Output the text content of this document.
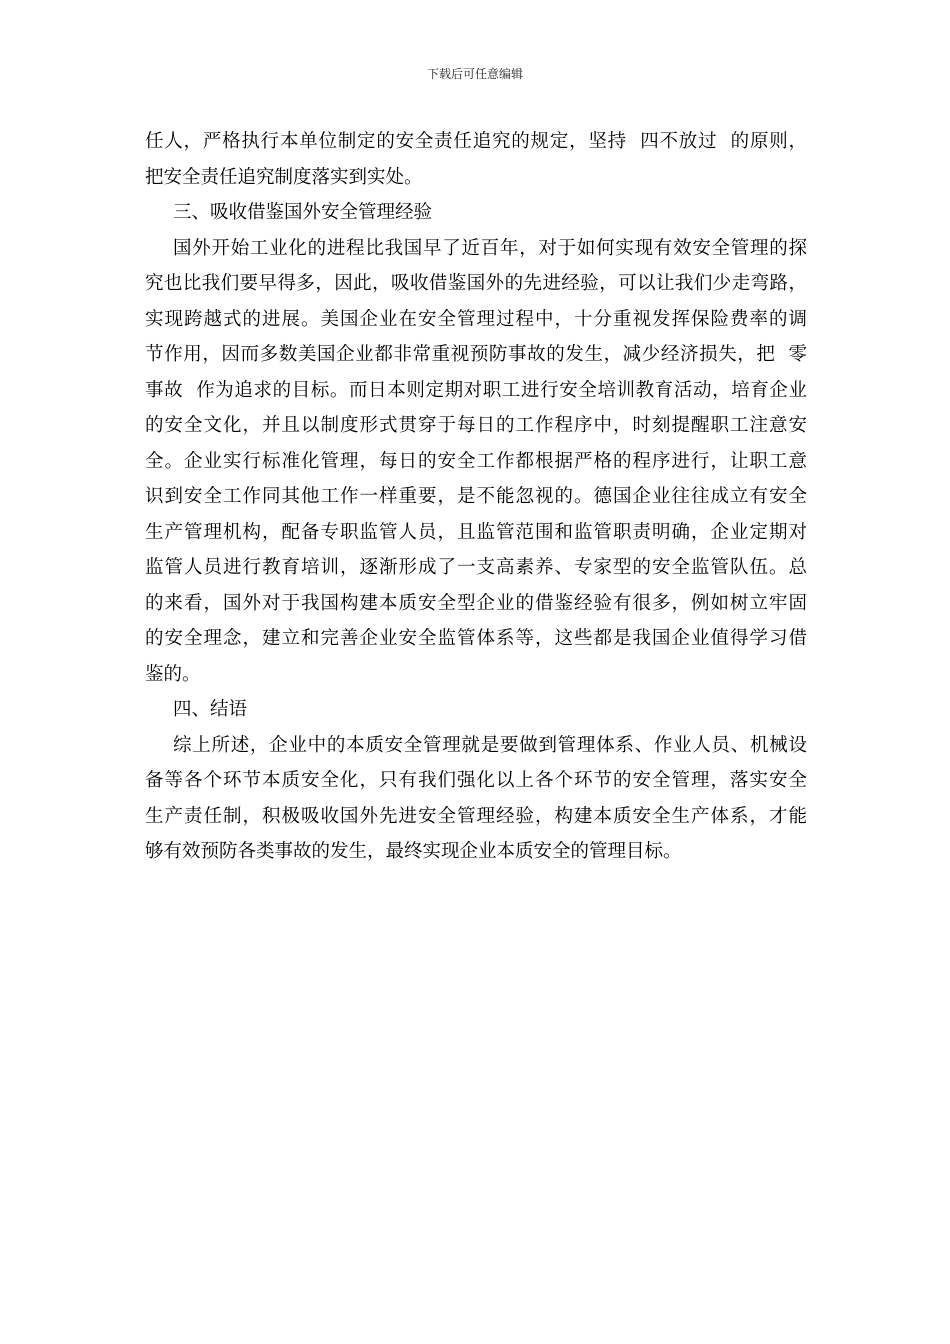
下载后可任意编辑
任人，严格执行本单位制定的安全责任追究的规定，坚持  四不放过  的原则，
把安全责任追究制度落实到实处。
三、吸收借鉴国外安全管理经验
国外开始工业化的进程比我国早了近百年，对于如何实现有效安全管理的探
究也比我们要早得多，因此，吸收借鉴国外的先进经验，可以让我们少走弯路，
实现跨越式的进展。美国企业在安全管理过程中，十分重视发挥保险费率的调
节作用，因而多数美国企业都非常重视预防事故的发生，减少经济损失，把  零
事故  作为追求的目标。而日本则定期对职工进行安全培训教育活动，培育企业
的安全文化，并且以制度形式贯穿于每日的工作程序中，时刻提醒职工注意安
全。企业实行标准化管理，每日的安全工作都根据严格的程序进行，让职工意
识到安全工作同其他工作一样重要，是不能忽视的。德国企业往往成立有安全
生产管理机构，配备专职监管人员，且监管范围和监管职责明确，企业定期对
监管人员进行教育培训，逐渐形成了一支高素养、专家型的安全监管队伍。总
的来看，国外对于我国构建本质安全型企业的借鉴经验有很多，例如树立牢固
的安全理念，建立和完善企业安全监管体系等，这些都是我国企业值得学习借
鉴的。
四、结语
综上所述，企业中的本质安全管理就是要做到管理体系、作业人员、机械设
备等各个环节本质安全化，只有我们强化以上各个环节的安全管理，落实安全
生产责任制，积极吸收国外先进安全管理经验，构建本质安全生产体系，才能
够有效预防各类事故的发生，最终实现企业本质安全的管理目标。
